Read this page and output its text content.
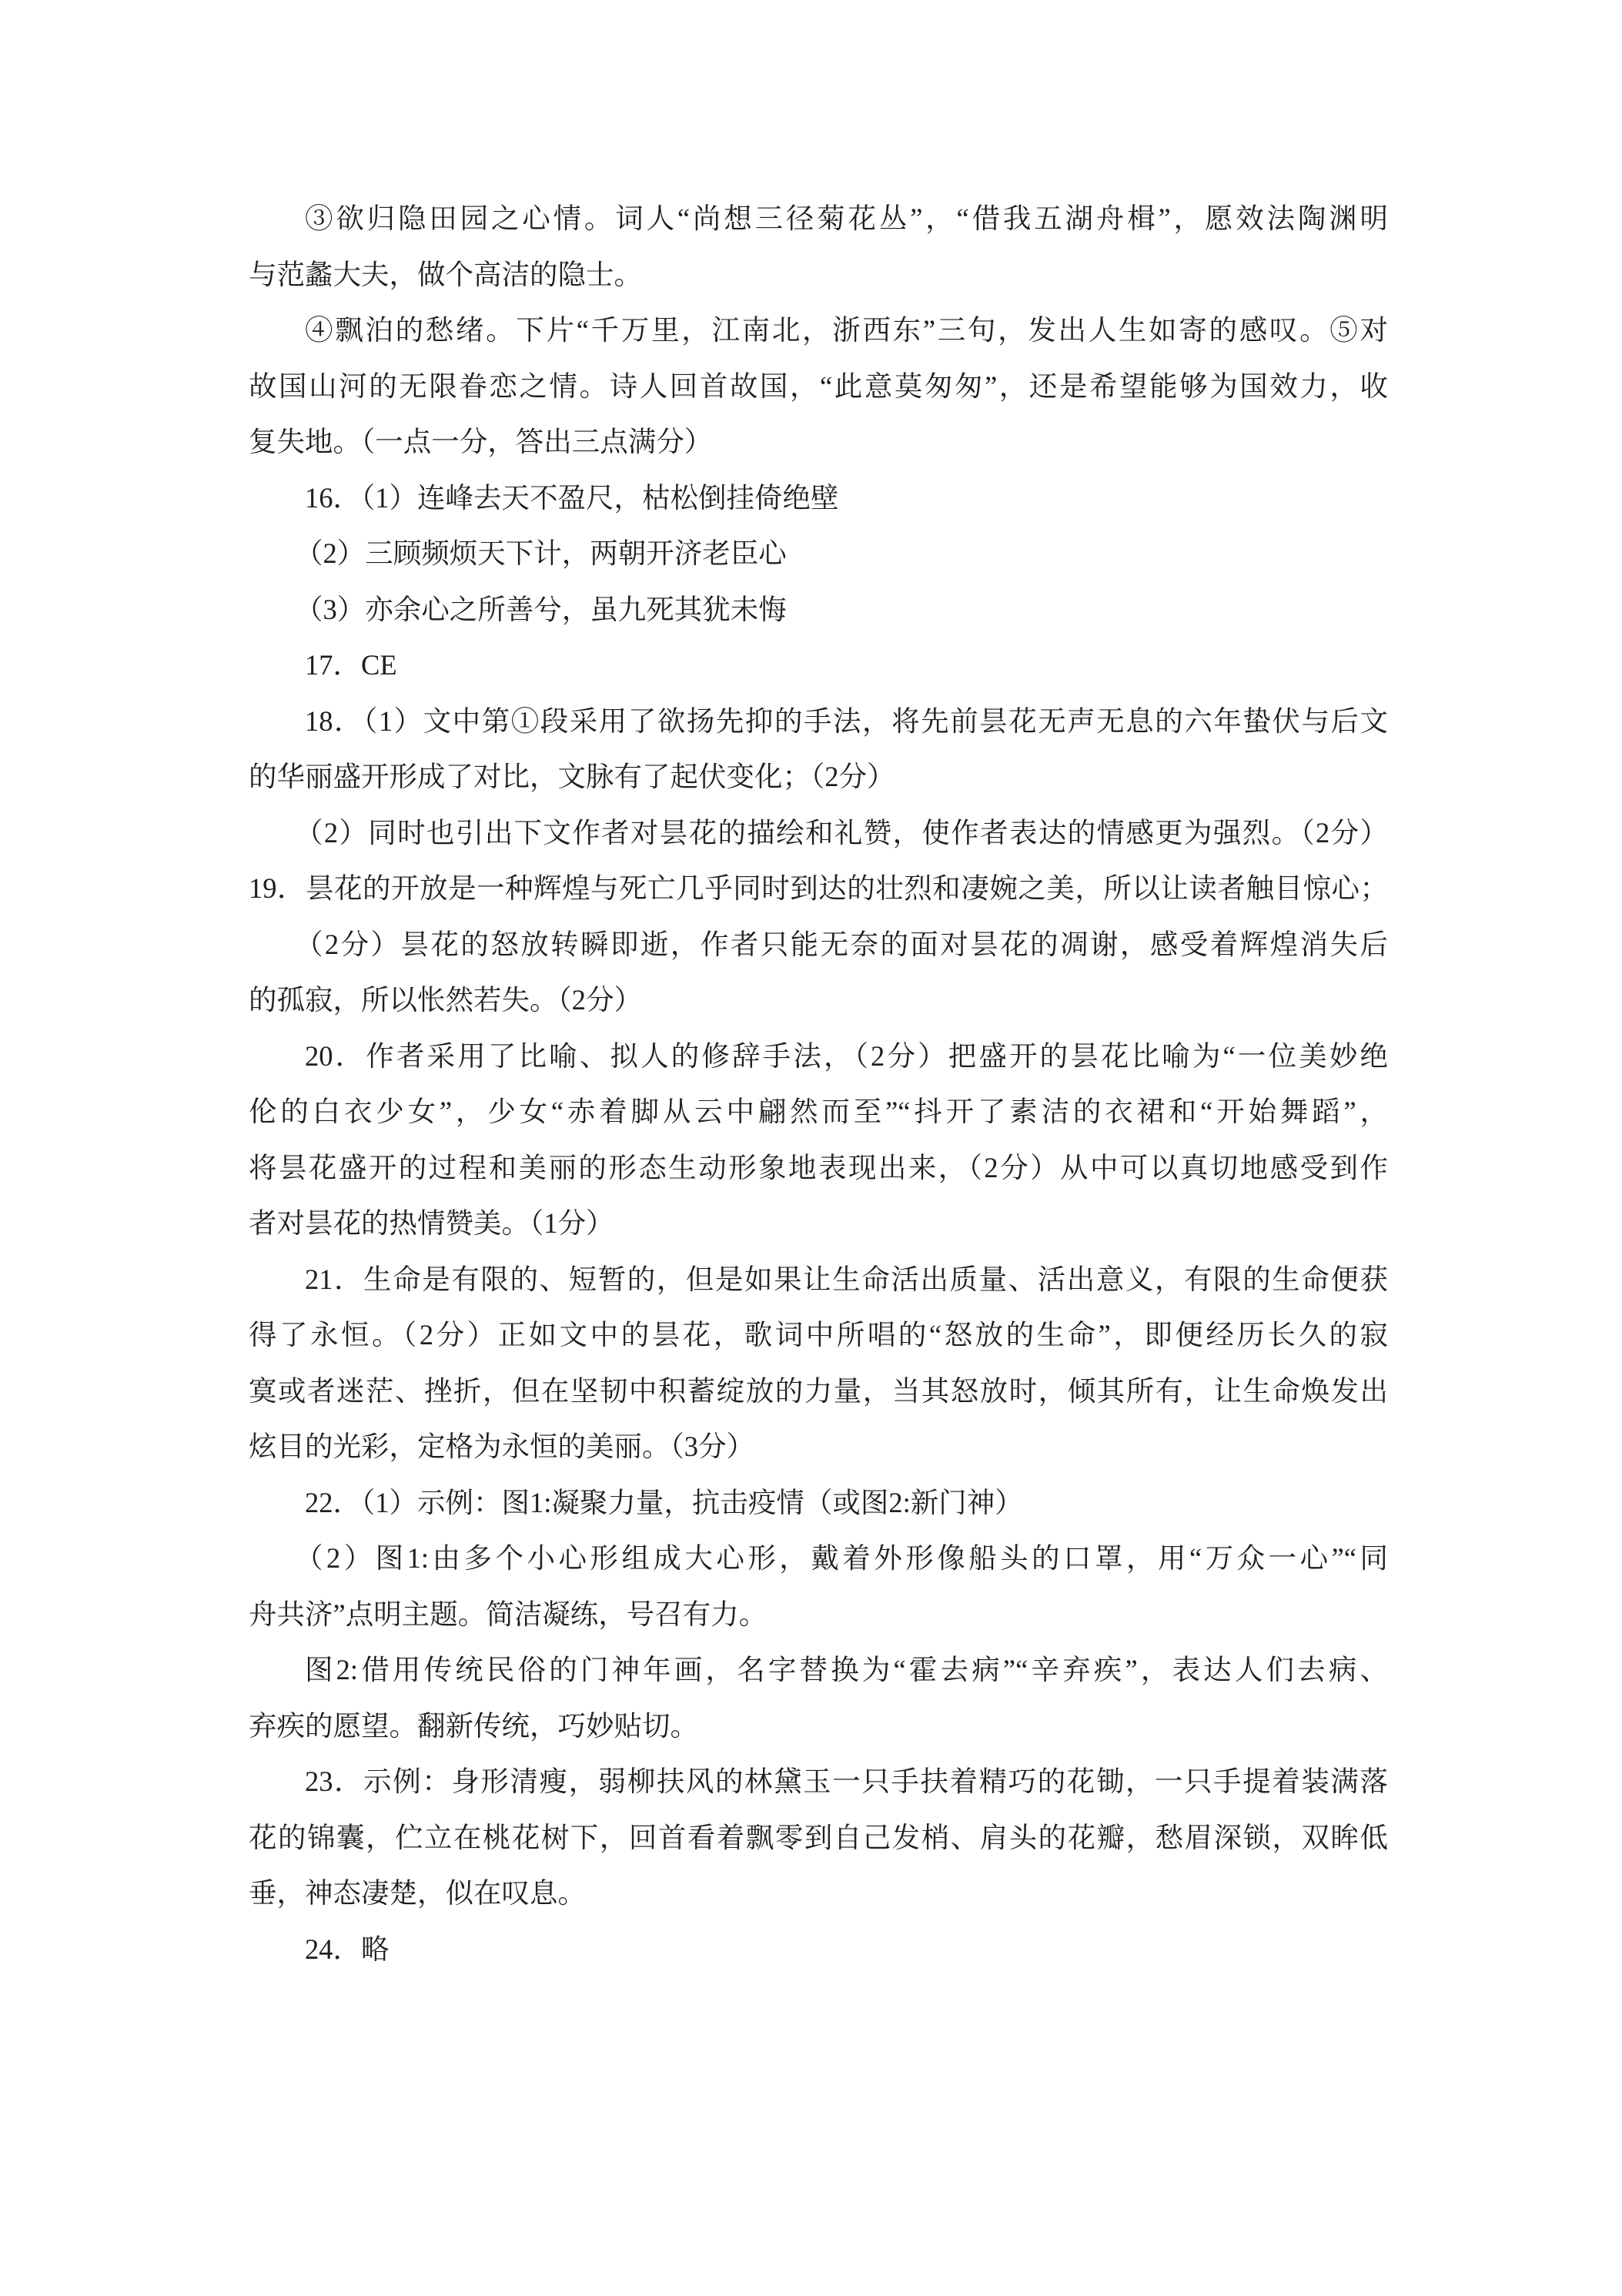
③欲归隐田园之心情。词人“尚想三径菊花丛”，“借我五湖舟楫”，愿效法陶渊明
与范蠡大夫，做个高洁的隐士。
④飘泊的愁绪。下片“千万里，江南北，浙西东”三句，发出人生如寄的感叹。⑤对
故国山河的无限眷恋之情。诗人回首故国，“此意莫匆匆”，还是希望能够为国效力，收
复失地。（一点一分，答出三点满分）
16．（1）连峰去天不盈尺，枯松倒挂倚绝壁
（2）三顾频烦天下计，两朝开济老臣心
（3）亦余心之所善兮，虽九死其犹未悔
17．CE
18．（1）文中第①段采用了欲扬先抑的手法，将先前昙花无声无息的六年蛰伏与后文
的华丽盛开形成了对比，文脉有了起伏变化；（2分）
（2）同时也引出下文作者对昙花的描绘和礼赞，使作者表达的情感更为强烈。（2分）
19．昙花的开放是一种辉煌与死亡几乎同时到达的壮烈和凄婉之美，所以让读者触目惊心；
（2分）昙花的怒放转瞬即逝，作者只能无奈的面对昙花的凋谢，感受着辉煌消失后
的孤寂，所以怅然若失。（2分）
20．作者采用了比喻、拟人的修辞手法，（2分）把盛开的昙花比喻为“一位美妙绝
伦的白衣少女”，少女“赤着脚从云中翩然而至”“抖开了素洁的衣裙和“开始舞蹈”，
将昙花盛开的过程和美丽的形态生动形象地表现出来，（2分）从中可以真切地感受到作
者对昙花的热情赞美。（1分）
21．生命是有限的、短暂的，但是如果让生命活出质量、活出意义，有限的生命便获
得了永恒。（2分）正如文中的昙花，歌词中所唱的“怒放的生命”，即便经历长久的寂
寞或者迷茫、挫折，但在坚韧中积蓄绽放的力量，当其怒放时，倾其所有，让生命焕发出
炫目的光彩，定格为永恒的美丽。（3分）
22．（1）示例：图1:凝聚力量，抗击疫情（或图2:新门神）
（2）图1:由多个小心形组成大心形，戴着外形像船头的口罩，用“万众一心”“同
舟共济”点明主题。简洁凝练，号召有力。
图2:借用传统民俗的门神年画，名字替换为“霍去病”“辛弃疾”，表达人们去病、
弃疾的愿望。翻新传统，巧妙贴切。
23．示例：身形清瘦，弱柳扶风的林黛玉一只手扶着精巧的花锄，一只手提着装满落
花的锦囊，伫立在桃花树下，回首看着飘零到自己发梢、肩头的花瓣，愁眉深锁，双眸低
垂，神态凄楚，似在叹息。
24．略
